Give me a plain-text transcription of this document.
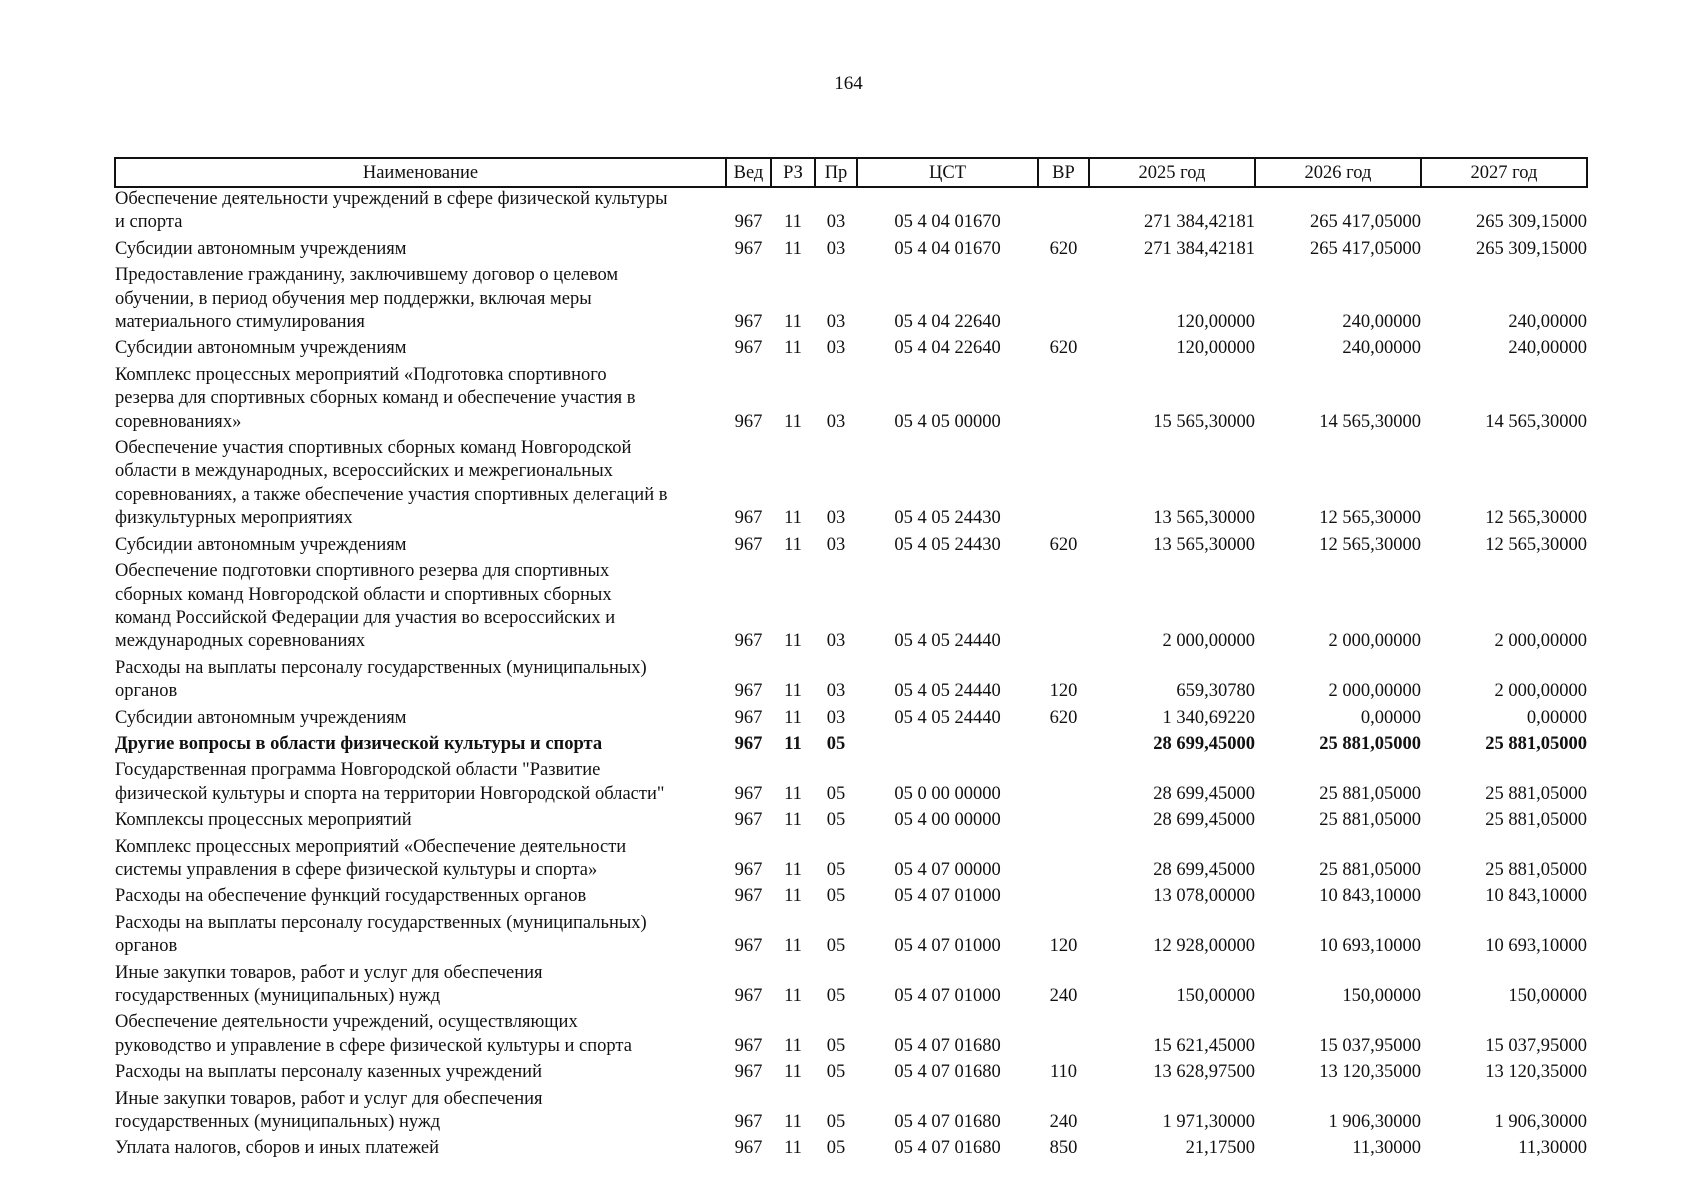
164
Наименование	Вед	РЗ	Пр	ЦСТ	ВР	2025 год	2026 год	2027 год
Обеспечение деятельности учреждений в сфере физической культуры
и спорта	967	11	03	05 4 04 01670		271 384,42181	265 417,05000	265 309,15000
Субсидии автономным учреждениям	967	11	03	05 4 04 01670	620	271 384,42181	265 417,05000	265 309,15000
Предоставление гражданину, заключившему договор о целевом
обучении, в период обучения мер поддержки, включая меры
материального стимулирования	967	11	03	05 4 04 22640		120,00000	240,00000	240,00000
Субсидии автономным учреждениям	967	11	03	05 4 04 22640	620	120,00000	240,00000	240,00000
Комплекс процессных мероприятий «Подготовка спортивного
резерва для спортивных сборных команд и обеспечение участия в
соревнованиях»	967	11	03	05 4 05 00000		15 565,30000	14 565,30000	14 565,30000
Обеспечение участия спортивных сборных команд Новгородской
области в международных, всероссийских и межрегиональных
соревнованиях, а также обеспечение участия спортивных делегаций в
физкультурных мероприятиях	967	11	03	05 4 05 24430		13 565,30000	12 565,30000	12 565,30000
Субсидии автономным учреждениям	967	11	03	05 4 05 24430	620	13 565,30000	12 565,30000	12 565,30000
Обеспечение подготовки спортивного резерва для спортивных
сборных команд Новгородской области и спортивных сборных
команд Российской Федерации для участия во всероссийских и
международных соревнованиях	967	11	03	05 4 05 24440		2 000,00000	2 000,00000	2 000,00000
Расходы на выплаты персоналу государственных (муниципальных)
органов	967	11	03	05 4 05 24440	120	659,30780	2 000,00000	2 000,00000
Субсидии автономным учреждениям	967	11	03	05 4 05 24440	620	1 340,69220	0,00000	0,00000
Другие вопросы в области физической культуры и спорта	967	11	05			28 699,45000	25 881,05000	25 881,05000
Государственная программа Новгородской области "Развитие
физической культуры и спорта на территории Новгородской области"	967	11	05	05 0 00 00000		28 699,45000	25 881,05000	25 881,05000
Комплексы процессных мероприятий	967	11	05	05 4 00 00000		28 699,45000	25 881,05000	25 881,05000
Комплекс процессных мероприятий «Обеспечение деятельности
системы управления в сфере физической культуры и спорта»	967	11	05	05 4 07 00000		28 699,45000	25 881,05000	25 881,05000
Расходы на обеспечение функций государственных органов	967	11	05	05 4 07 01000		13 078,00000	10 843,10000	10 843,10000
Расходы на выплаты персоналу государственных (муниципальных)
органов	967	11	05	05 4 07 01000	120	12 928,00000	10 693,10000	10 693,10000
Иные закупки товаров, работ и услуг для обеспечения
государственных (муниципальных) нужд	967	11	05	05 4 07 01000	240	150,00000	150,00000	150,00000
Обеспечение деятельности учреждений, осуществляющих
руководство и управление в сфере физической культуры и спорта	967	11	05	05 4 07 01680		15 621,45000	15 037,95000	15 037,95000
Расходы на выплаты персоналу казенных учреждений	967	11	05	05 4 07 01680	110	13 628,97500	13 120,35000	13 120,35000
Иные закупки товаров, работ и услуг для обеспечения
государственных (муниципальных) нужд	967	11	05	05 4 07 01680	240	1 971,30000	1 906,30000	1 906,30000
Уплата налогов, сборов и иных платежей	967	11	05	05 4 07 01680	850	21,17500	11,30000	11,30000
